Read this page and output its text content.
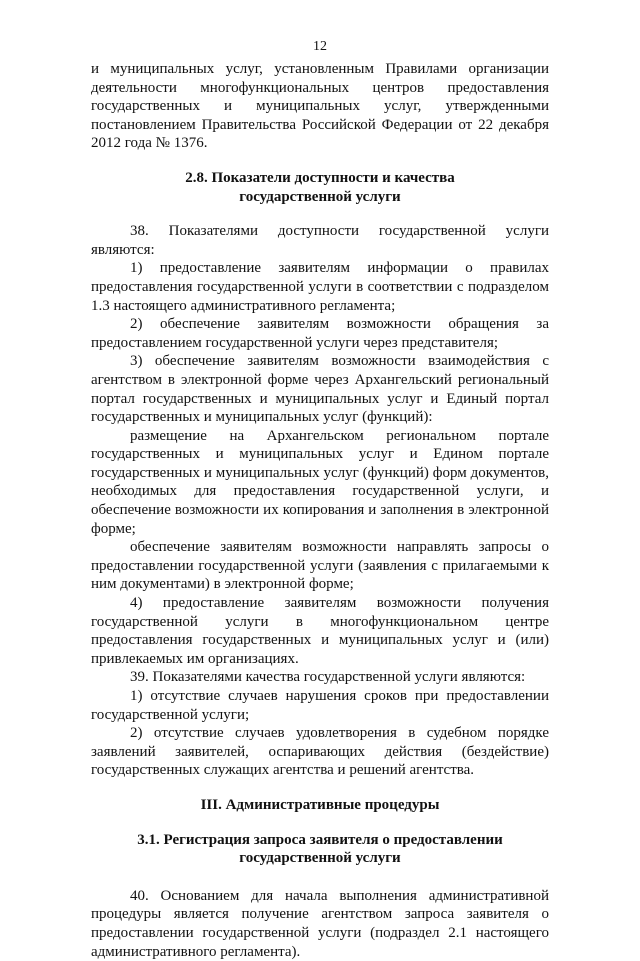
12

и муниципальных услуг, установленным Правилами организации деятельности многофункциональных центров предоставления государственных и муниципальных услуг, утвержденными постановлением Правительства Российской Федерации от 22 декабря 2012 года № 1376.

2.8. Показатели доступности и качества

государственной услуги

38. Показателями доступности государственной услуги являются:

1) предоставление заявителям информации о правилах предоставления государственной услуги в соответствии с подразделом 1.3 настоящего административного регламента;

2) обеспечение заявителям возможности обращения за предоставлением государственной услуги через представителя;

3) обеспечение заявителям возможности взаимодействия с агентством в электронной форме через Архангельский региональный портал государственных и муниципальных услуг и Единый портал государственных и муниципальных услуг (функций):

размещение на Архангельском региональном портале государственных и муниципальных услуг и Едином портале государственных и муниципальных услуг (функций) форм документов, необходимых для предоставления государственной услуги, и обеспечение возможности их копирования и заполнения в электронной форме;

обеспечение заявителям возможности направлять запросы о предоставлении государственной услуги (заявления с прилагаемыми к ним документами) в электронной форме;

4) предоставление заявителям возможности получения государственной услуги в многофункциональном центре предоставления государственных и муниципальных услуг и (или) привлекаемых им организациях.

39. Показателями качества государственной услуги являются:

1) отсутствие случаев нарушения сроков при предоставлении государственной услуги;

2) отсутствие случаев удовлетворения в судебном порядке заявлений заявителей, оспаривающих действия (бездействие) государственных служащих агентства и решений агентства.

III. Административные процедуры

3.1. Регистрация запроса заявителя о предоставлении

государственной услуги

40. Основанием для начала выполнения административной процедуры является получение агентством запроса заявителя о предоставлении государственной услуги (подраздел 2.1 настоящего административного регламента).
